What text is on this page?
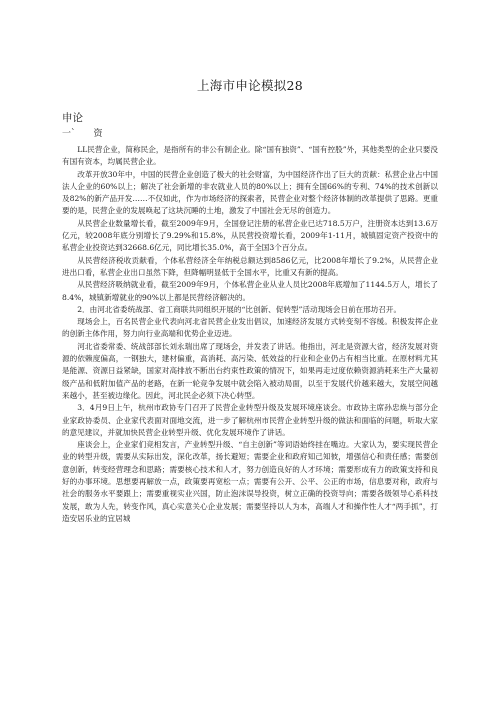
上海市申论模拟28
申论
一`　　资

LL民营企业，简称民企，是指所有的非公有制企业。除“国有独资”、“国有控股”外，其他类型的企业只要没有国有资本，均属民营企业。

改革开放30年中，中国的民营企业创造了极大的社会财富，为中国经济作出了巨大的贡献：私营企业占中国法人企业的60%以上；解决了社会新增的非农就业人员的80%以上；拥有全国66%的专利、74%的技术创新以及82%的新产品开发……不仅如此，作为市场经济的探索者，民营企业对整个经济体制的改革提供了思路。更重要的是，民营企业的发展唤起了这块沉睡的土地，激发了中国社会无尽的创造力。

从民营企业数量增长看，截至2009年9月，全国登记注册的私营企业已达718.5万户，注册资本达到13.6万亿元，较2008年底分别增长了9.29%和15.8%，从民营投资增长看，2009年1-11月，城镇固定资产投资中的私营企业投资达到32668.6亿元，同比增长35.0%，高于全国3个百分点。

从民营经济税收贡献看，个体私营经济全年纳税总额达到8586亿元，比2008年增长了9.2%，从民营企业进出口看，私营企业出口虽然下降，但降幅明显低于全国水平，比重又有新的提高。

从民营经济吸纳就业看，截至2009年9月，个体私营企业从业人员比2008年底增加了1144.5万人，增长了8.4%，城镇新增就业的90%以上都是民营经济解决的。

2．由河北省委统战部、省工商联共同组织开展的“比创新、促转型”活动现场会日前在邢坊召开。

现场会上，百名民营企业代表向河北省民营企业发出倡议，加速经济发展方式转变刻不容缓。积极发挥企业的创新主体作用，努力向行业高端和优势企业迈进。

河北省委常委、统战部部长刘永瑞出席了现场会，并发表了讲话。他指出，河北是资源大省，经济发展对资源的依赖度偏高，一钢独大，建材偏重，高消耗、高污染、低效益的行业和企业仍占有相当比重。在原材料尤其是能源、资源日益紧缺，国家对高排放不断出台约束性政策的情况下，如果再走过度依赖资源消耗来生产大量初级产品和低附加值产品的老路，在新一轮竞争发展中就会陷入被动局面，以至于发展代价越来越大，发展空间越来越小，甚至被边缘化。因此，河北民企必须下决心转型。

3．4月9日上午，杭州市政协专门召开了民营企业转型升级及发展环境座谈会。市政协主席孙忠焕与部分企业家政协委员、企业家代表面对面地交流，进一步了解杭州市民营企业转型升级的做法和面临的问题，听取大家的意见建议，并就加快民营企业转型升级、优化发展环境作了讲话。

座谈会上，企业家们竞相发言，产业转型升级、“自主创新”等词语始终挂在嘴边。大家认为，要实现民营企业的转型升级，需要从实际出发，深化改革，扬长避短；需要企业和政府知己知彼，增强信心和责任感；需要创意创新，转变经营理念和思路；需要核心技术和人才，努力创造良好的人才环境；需要形成有力的政策支持和良好的办事环境。思想要再解放一点，政策要再宽松一点；需要有公开、公平、公正的市场，信息要对称，政府与社会的服务水平要跟上；需要重视实业兴国，防止泡沫误导投资，树立正确的投资导向；需要各级领导心系科技发展，敢为人先，转变作风，真心实意关心企业发展；需要坚持以人为本，高端人才和操作性人才“两手抓”，打造安居乐业的宜居城
